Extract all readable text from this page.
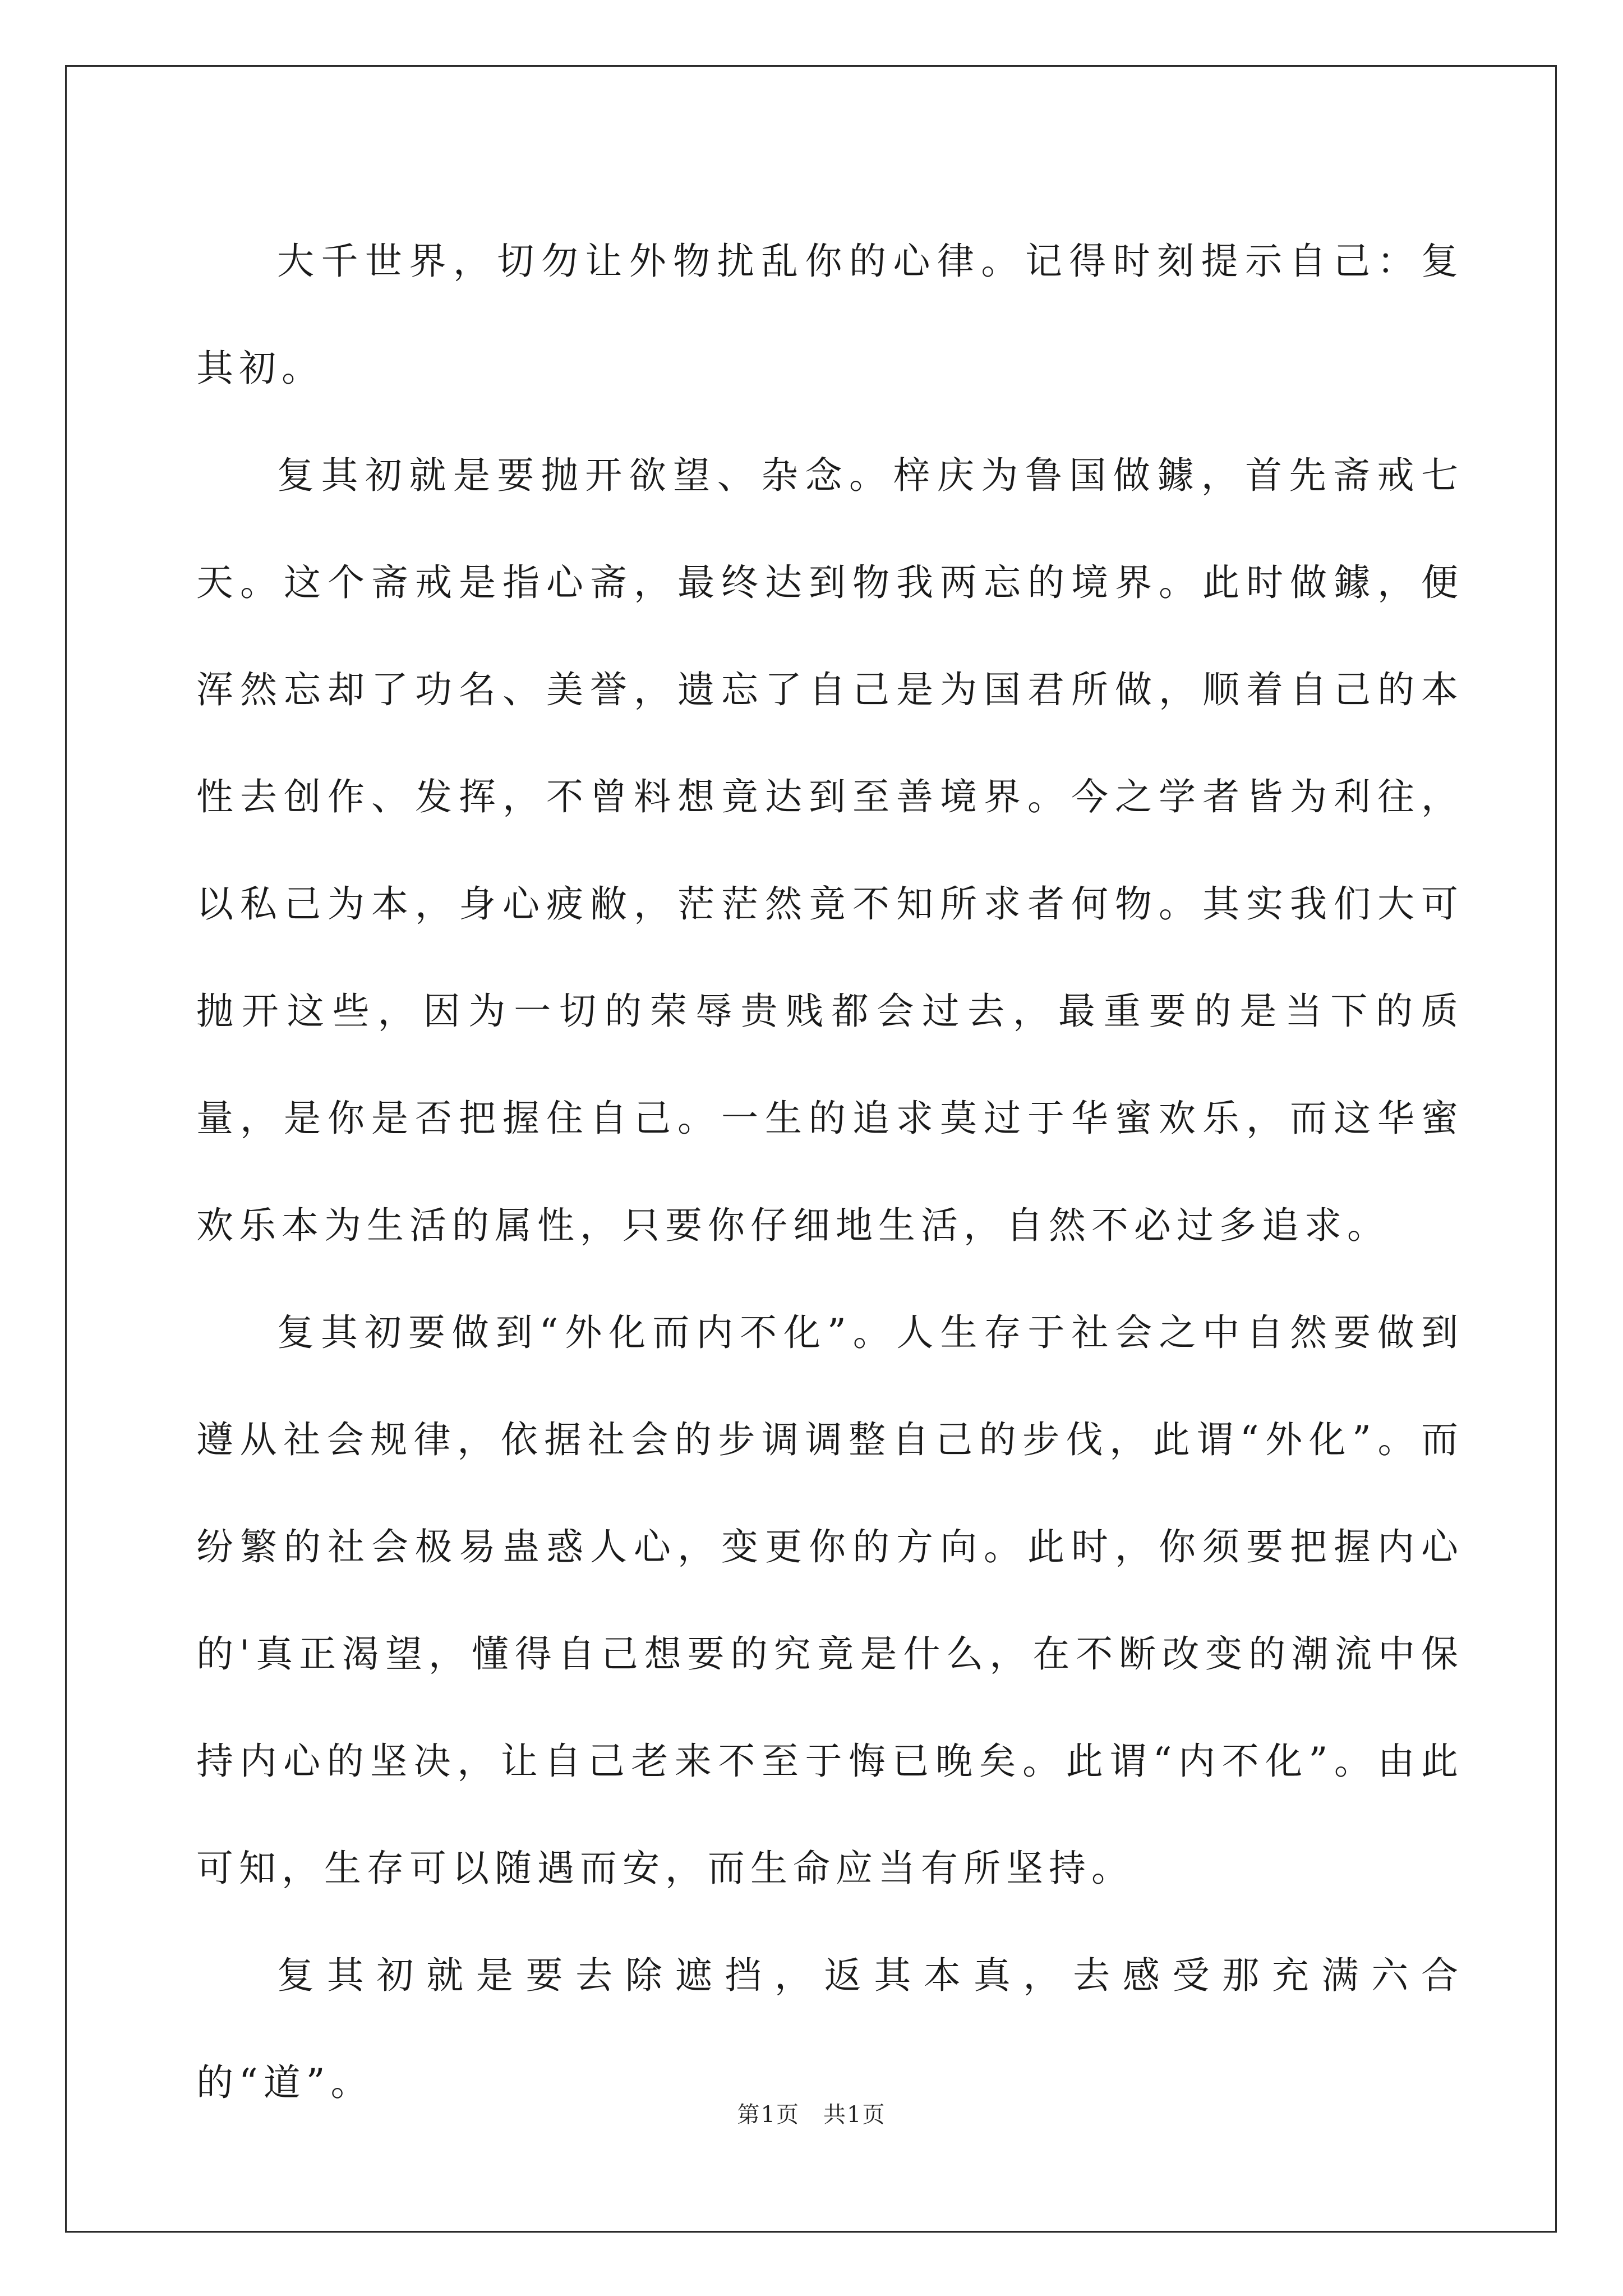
大千世界，切勿让外物扰乱你的心律。记得时刻提示自己：复其初。

复其初就是要抛开欲望、杂念。梓庆为鲁国做鐻，首先斋戒七天。这个斋戒是指心斋，最终达到物我两忘的境界。此时做鐻，便浑然忘却了功名、美誉，遗忘了自己是为国君所做，顺着自己的本性去创作、发挥，不曾料想竟达到至善境界。今之学者皆为利往，以私己为本，身心疲敝，茫茫然竟不知所求者何物。其实我们大可抛开这些，因为一切的荣辱贵贱都会过去，最重要的是当下的质量，是你是否把握住自己。一生的追求莫过于华蜜欢乐，而这华蜜欢乐本为生活的属性，只要你仔细地生活，自然不必过多追求。

复其初要做到“外化而内不化”。人生存于社会之中自然要做到遵从社会规律，依据社会的步调调整自己的步伐，此谓“外化”。而纷繁的社会极易蛊惑人心，变更你的方向。此时，你须要把握内心的'真正渴望，懂得自己想要的究竟是什么，在不断改变的潮流中保持内心的坚决，让自己老来不至于悔已晚矣。此谓“内不化”。由此可知，生存可以随遇而安，而生命应当有所坚持。

复其初就是要去除遮挡，返其本真，去感受那充满六合的“道”。

第1页　共1页
